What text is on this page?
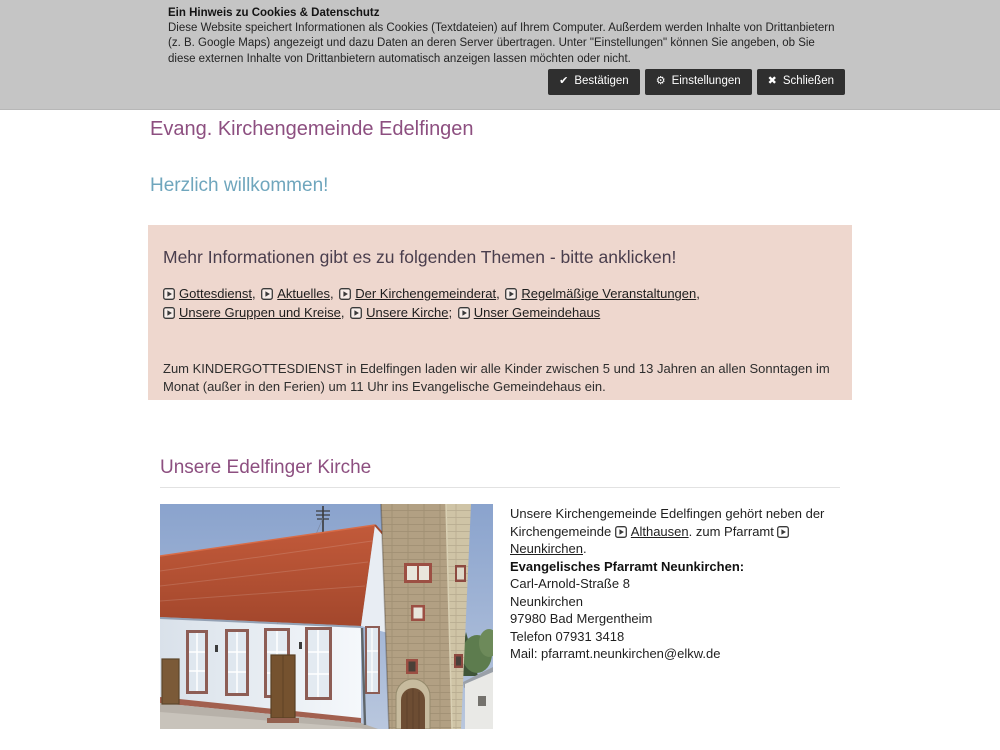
Ein Hinweis zu Cookies & Datenschutz
Diese Website speichert Informationen als Cookies (Textdateien) auf Ihrem Computer. Außerdem werden Inhalte von Drittanbietern (z. B. Google Maps) angezeigt und dazu Daten an deren Server übertragen. Unter "Einstellungen" können Sie angeben, ob Sie diese externen Inhalte von Drittanbietern automatisch anzeigen lassen möchten oder nicht.
✔ Bestätigen ⚙ Einstellungen ✖ Schließen
Evang. Kirchengemeinde Edelfingen
Herzlich willkommen!
Mehr Informationen gibt es zu folgenden Themen - bitte anklicken!

Gottesdienst, Aktuelles, Der Kirchengemeinderat, Regelmäßige Veranstaltungen, Unsere Gruppen und Kreise, Unsere Kirche; Unser Gemeindehaus

Zum KINDERGOTTESDIENST in Edelfingen laden wir alle Kinder zwischen 5 und 13 Jahren an allen Sonntagen im Monat (außer in den Ferien) um 11 Uhr ins Evangelische Gemeindehaus ein.

Unsere Edelfinger Kirche
Unsere Kirchengemeinde Edelfingen gehört neben der Kirchengemeinde Althausen. zum Pfarramt Neunkirchen.
Evangelisches Pfarramt Neunkirchen:
Carl-Arnold-Straße 8
Neunkirchen
97980 Bad Mergentheim
Telefon 07931 3418
Mail: pfarramt.neunkirchen@elkw.de
